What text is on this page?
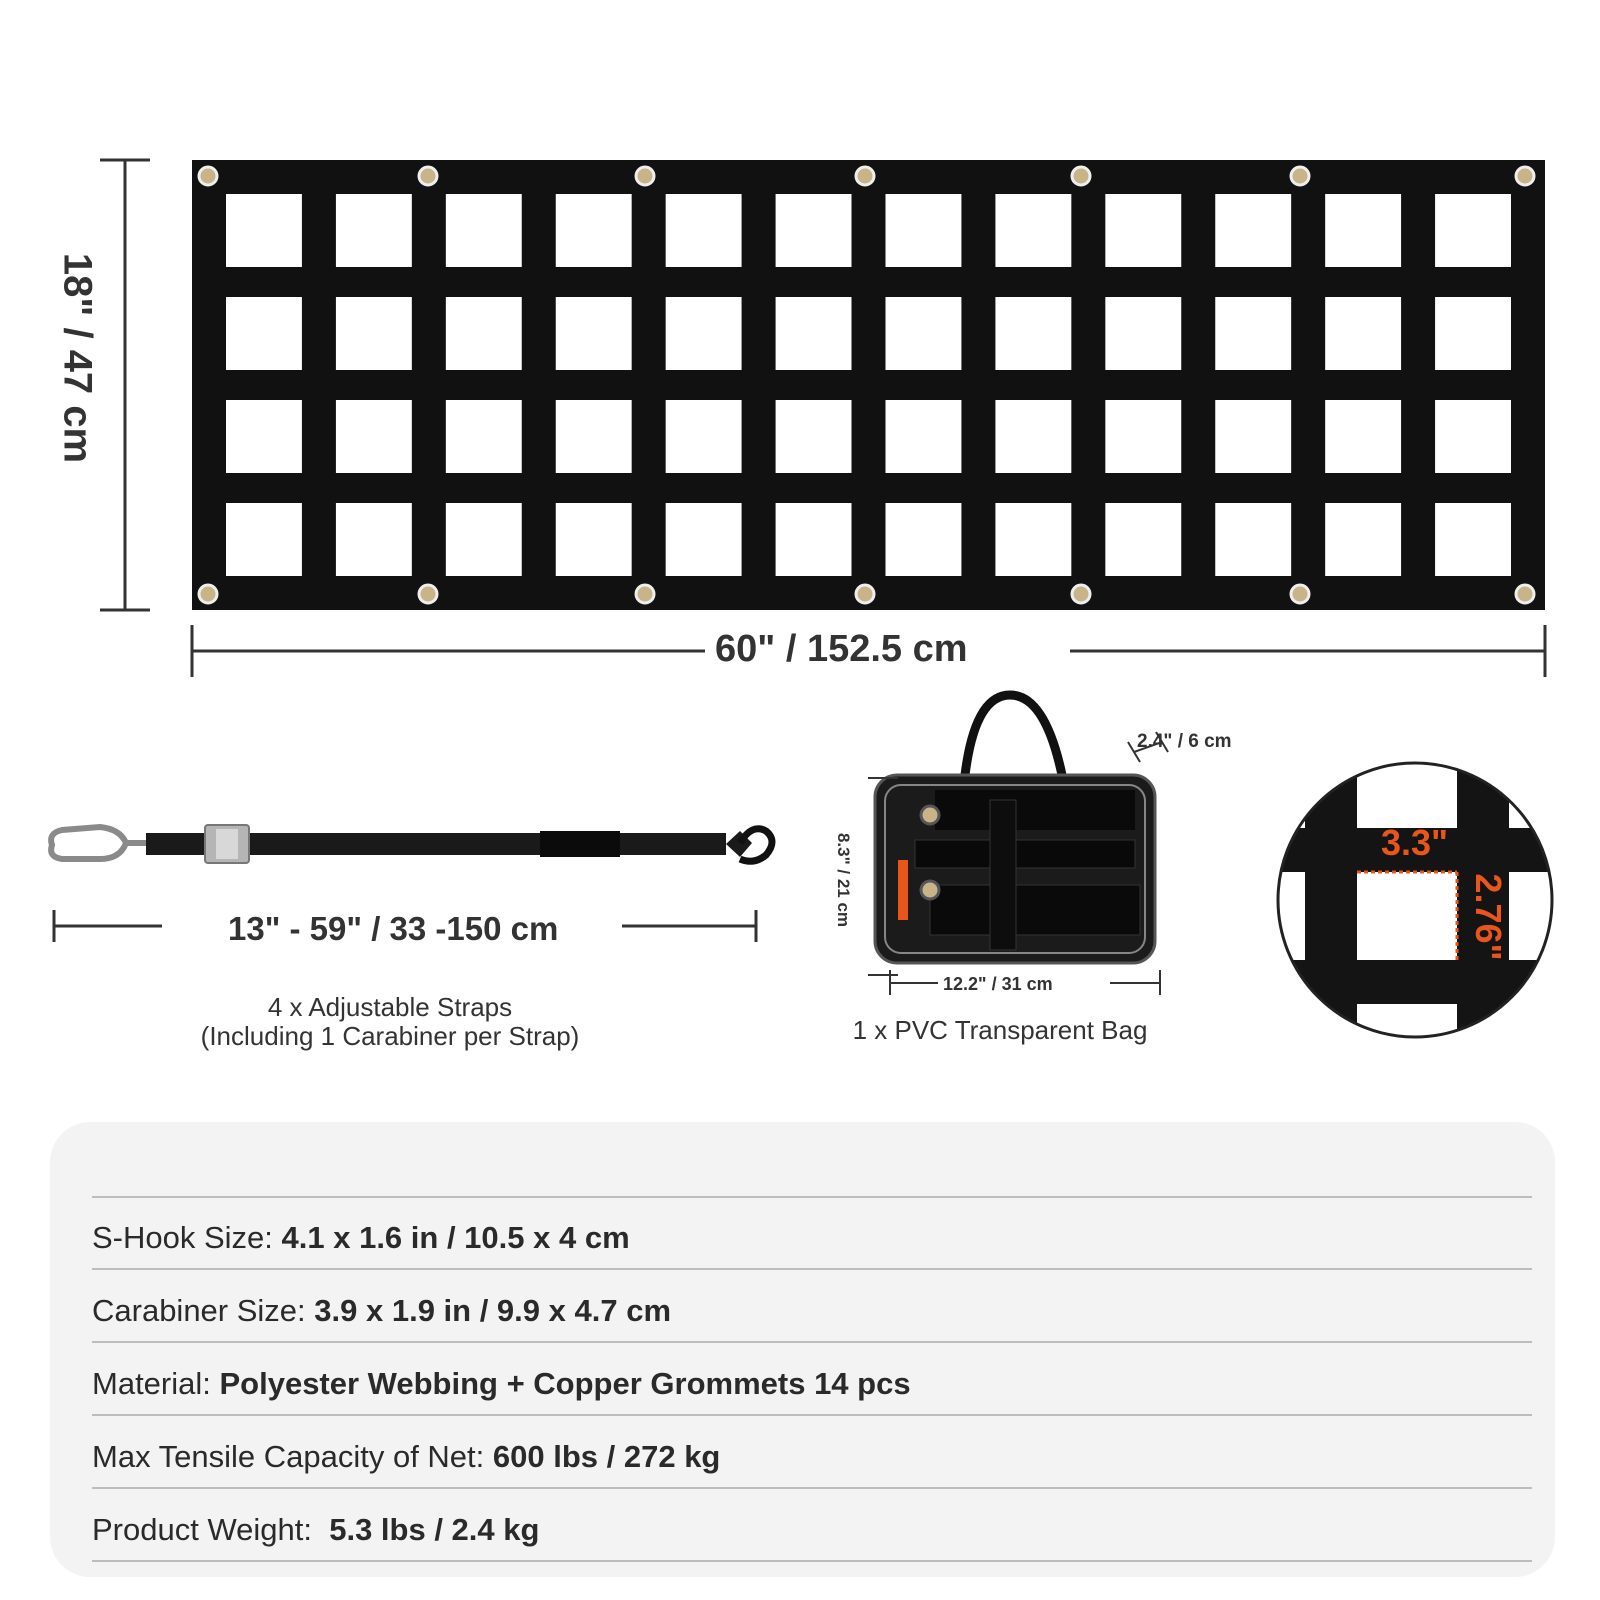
18" / 47 cm
60" / 152.5 cm
13" - 59" / 33 -150 cm
4 x Adjustable Straps
(Including 1 Carabiner per Strap)
2.4" / 6 cm
8.3" / 21 cm
12.2" / 31 cm
1 x PVC Transparent Bag
3.3"
2.76"
S-Hook Size: 4.1 x 1.6 in / 10.5 x 4 cm
Carabiner Size: 3.9 x 1.9 in / 9.9 x 4.7 cm
Material: Polyester Webbing + Copper Grommets 14 pcs
Max Tensile Capacity of Net: 600 lbs / 272 kg
Product Weight:  5.3 lbs / 2.4 kg
